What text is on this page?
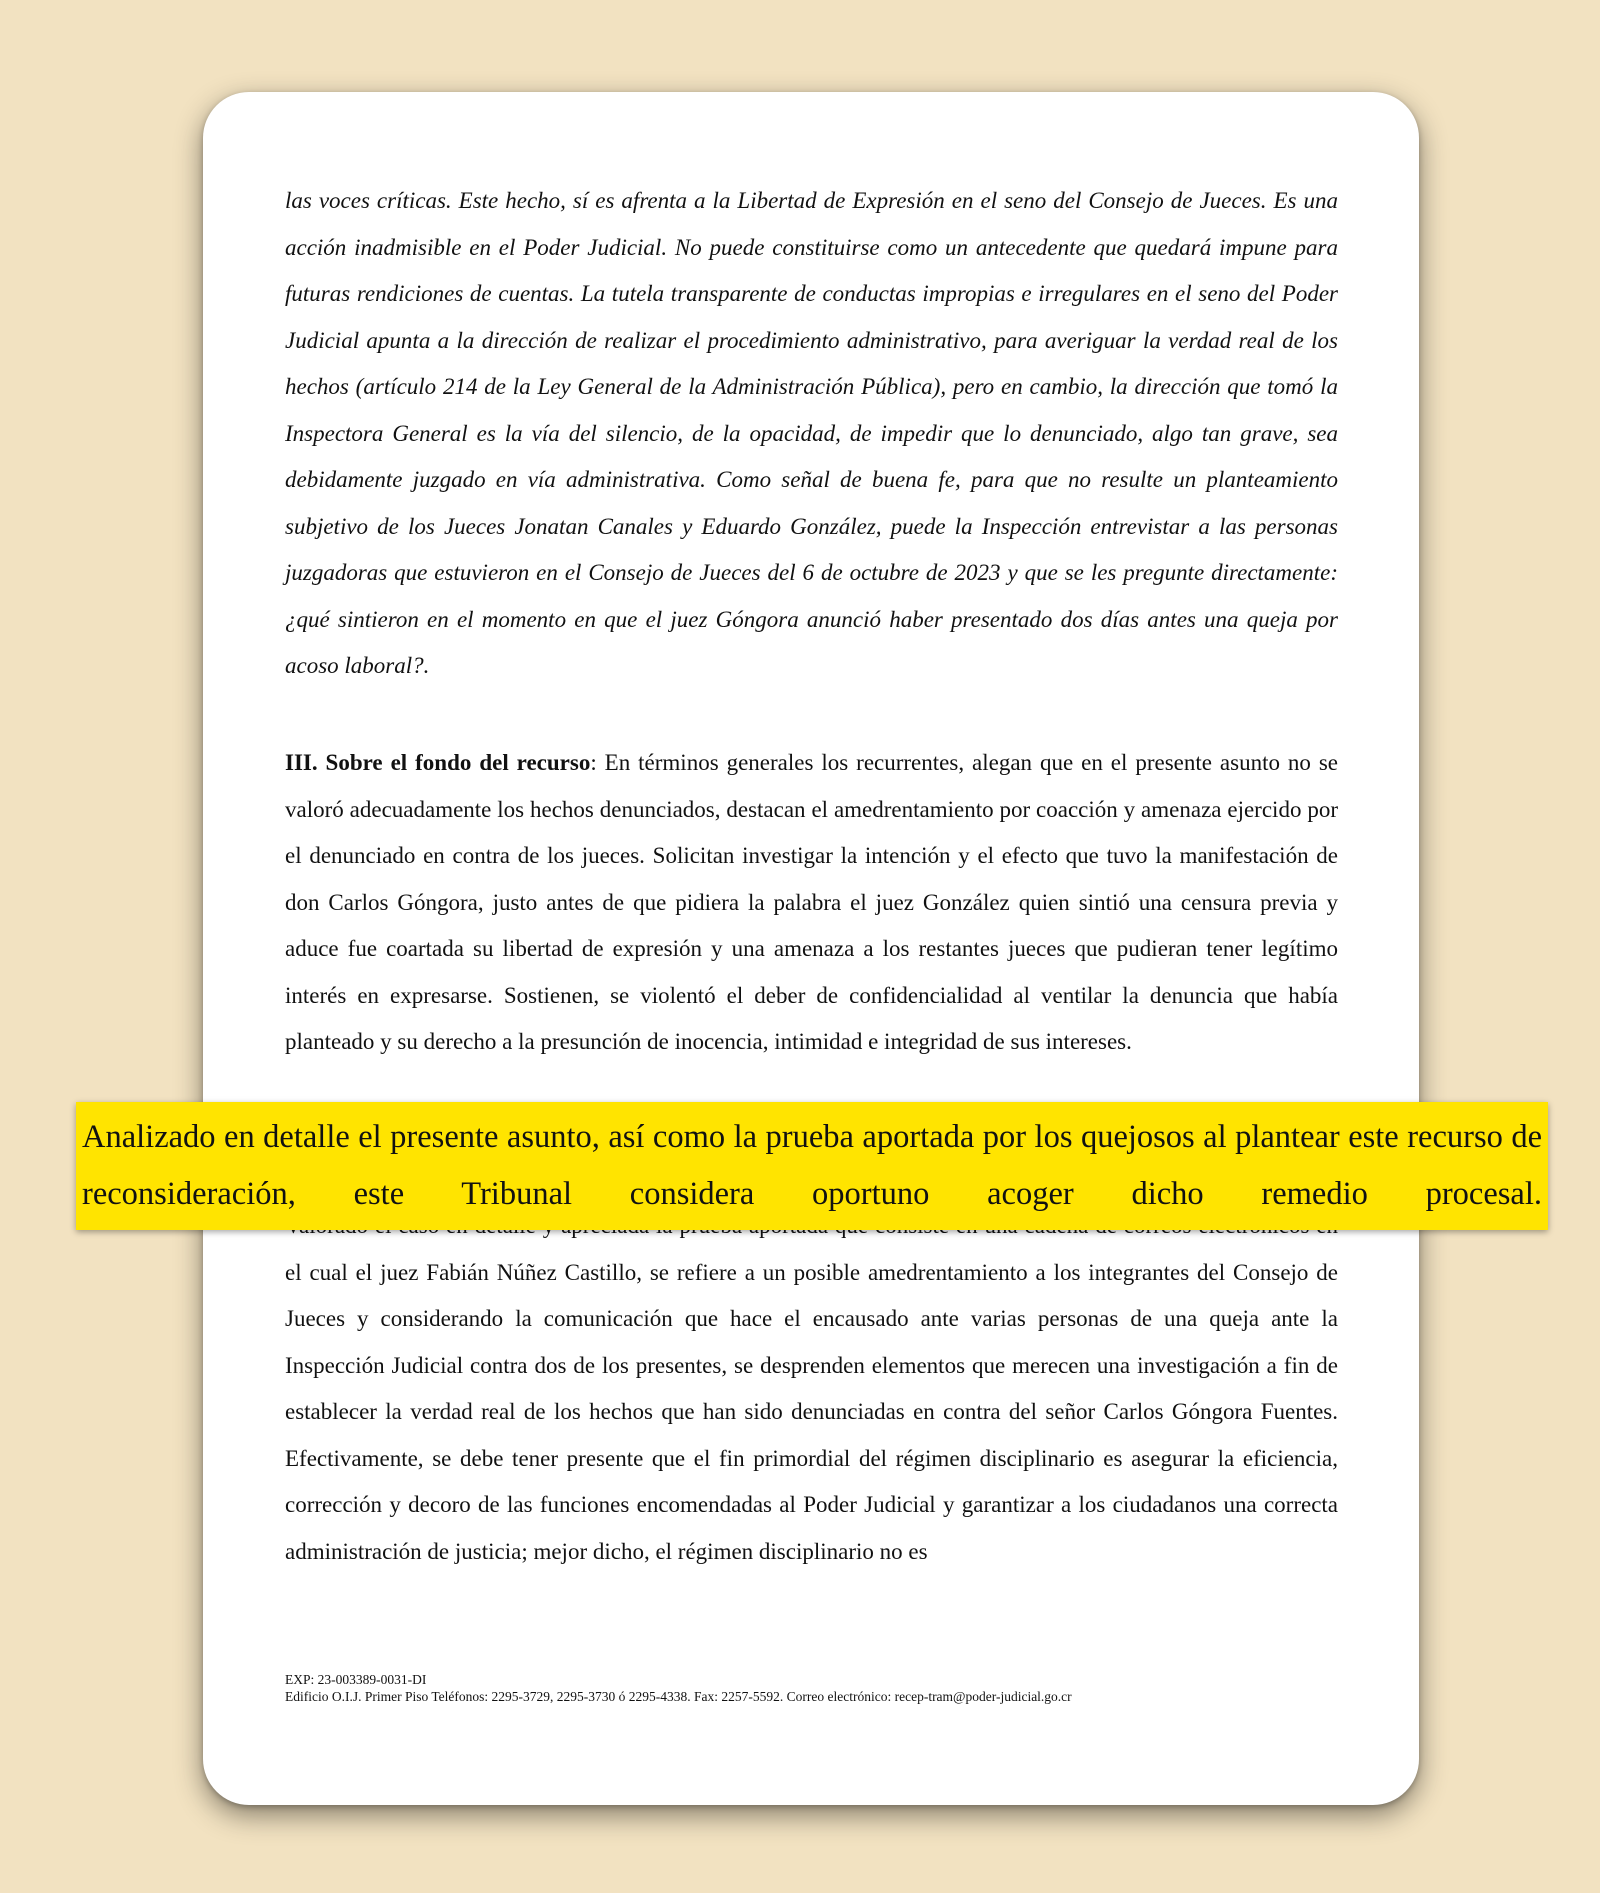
las voces críticas. Este hecho, sí es afrenta a la Libertad de Expresión en el seno del Consejo de Jueces. Es una acción inadmisible en el Poder Judicial. No puede constituirse como un antecedente que quedará impune para futuras rendiciones de cuentas. La tutela transparente de conductas impropias e irregulares en el seno del Poder Judicial apunta a la dirección de realizar el procedimiento administrativo, para averiguar la verdad real de los hechos (artículo 214 de la Ley General de la Administración Pública), pero en cambio, la dirección que tomó la Inspectora General es la vía del silencio, de la opacidad, de impedir que lo denunciado, algo tan grave, sea debidamente juzgado en vía administrativa. Como señal de buena fe, para que no resulte un planteamiento subjetivo de los Jueces Jonatan Canales y Eduardo González, puede la Inspección entrevistar a las personas juzgadoras que estuvieron en el Consejo de Jueces del 6 de octubre de 2023 y que se les pregunte directamente: ¿qué sintieron en el momento en que el juez Góngora anunció haber presentado dos días antes una queja por acoso laboral?.

III. Sobre el fondo del recurso: En términos generales los recurrentes, alegan que en el presente asunto no se valoró adecuadamente los hechos denunciados, destacan el amedrentamiento por coacción y amenaza ejercido por el denunciado en contra de los jueces. Solicitan investigar la intención y el efecto que tuvo la manifestación de don Carlos Góngora, justo antes de que pidiera la palabra el juez González quien sintió una censura previa y aduce fue coartada su libertad de expresión y una amenaza a los restantes jueces que pudieran tener legítimo interés en expresarse. Sostienen, se violentó el deber de confidencialidad al ventilar la denuncia que había planteado y su derecho a la presunción de inocencia, intimidad e integridad de sus intereses.

el cual el juez Fabián Núñez Castillo, se refiere a un posible amedrentamiento a los integrantes del Consejo de Jueces y considerando la comunicación que hace el encausado ante varias personas de una queja ante la Inspección Judicial contra dos de los presentes, se desprenden elementos que merecen una investigación a fin de establecer la verdad real de los hechos que han sido denunciadas en contra del señor Carlos Góngora Fuentes. Efectivamente, se debe tener presente que el fin primordial del régimen disciplinario es asegurar la eficiencia, corrección y decoro de las funciones encomendadas al Poder Judicial y garantizar a los ciudadanos una correcta administración de justicia; mejor dicho, el régimen disciplinario no es

Analizado en detalle el presente asunto, así como la prueba aportada por los quejosos al plantear este recurso de reconsideración, este Tribunal considera oportuno acoger dicho remedio procesal.
EXP: 23-003389-0031-DI
Edificio O.I.J. Primer Piso Teléfonos: 2295-3729, 2295-3730 ó 2295-4338. Fax: 2257-5592. Correo electrónico: recep-tram@poder-judicial.go.cr
